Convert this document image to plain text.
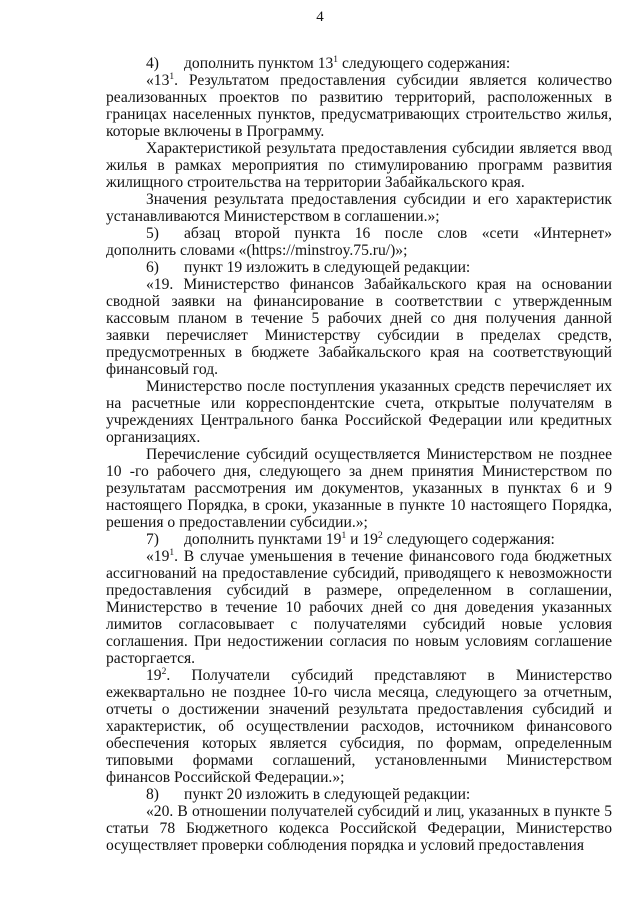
4

4) дополнить пунктом $13^1$ следующего содержания:

«$13^1$. Результатом предоставления субсидии является количество реализованных проектов по развитию территорий, расположенных в границах населенных пунктов, предусматривающих строительство жилья, которые включены в Программу.

Характеристикой результата предоставления субсидии является ввод жилья в рамках мероприятия по стимулированию программ развития жилищного строительства на территории Забайкальского края.

Значения результата предоставления субсидии и его характеристик устанавливаются Министерством в соглашении.»;

5) абзац второй пункта 16 после слов «сети «Интернет» дополнить словами «(https://minstroy.75.ru/)»;

6) пункт 19 изложить в следующей редакции:

«19. Министерство финансов Забайкальского края на основании сводной заявки на финансирование в соответствии с утвержденным кассовым планом в течение 5 рабочих дней со дня получения данной заявки перечисляет Министерству субсидии в пределах средств, предусмотренных в бюджете Забайкальского края на соответствующий финансовый год.

Министерство после поступления указанных средств перечисляет их на расчетные или корреспондентские счета, открытые получателям в учреждениях Центрального банка Российской Федерации или кредитных организациях.

Перечисление субсидий осуществляется Министерством не позднее 10 -го рабочего дня, следующего за днем принятия Министерством по результатам рассмотрения им документов, указанных в пунктах 6 и 9 настоящего Порядка, в сроки, указанные в пункте 10 настоящего Порядка, решения о предоставлении субсидии.»;

7) дополнить пунктами $19^1$ и $19^2$ следующего содержания:

«$19^1$. В случае уменьшения в течение финансового года бюджетных ассигнований на предоставление субсидий, приводящего к невозможности предоставления субсидий в размере, определенном в соглашении, Министерство в течение 10 рабочих дней со дня доведения указанных лимитов согласовывает с получателями субсидий новые условия соглашения. При недостижении согласия по новым условиям соглашение расторгается.

$19^2$. Получатели субсидий представляют в Министерство ежеквартально не позднее 10-го числа месяца, следующего за отчетным, отчеты о достижении значений результата предоставления субсидий и характеристик, об осуществлении расходов, источником финансового обеспечения которых является субсидия, по формам, определенным типовыми формами соглашений, установленными Министерством финансов Российской Федерации.»;

8) пункт 20 изложить в следующей редакции:

«20. В отношении получателей субсидий и лиц, указанных в пункте 5 статьи 78 Бюджетного кодекса Российской Федерации, Министерство осуществляет проверки соблюдения порядка и условий предоставления
